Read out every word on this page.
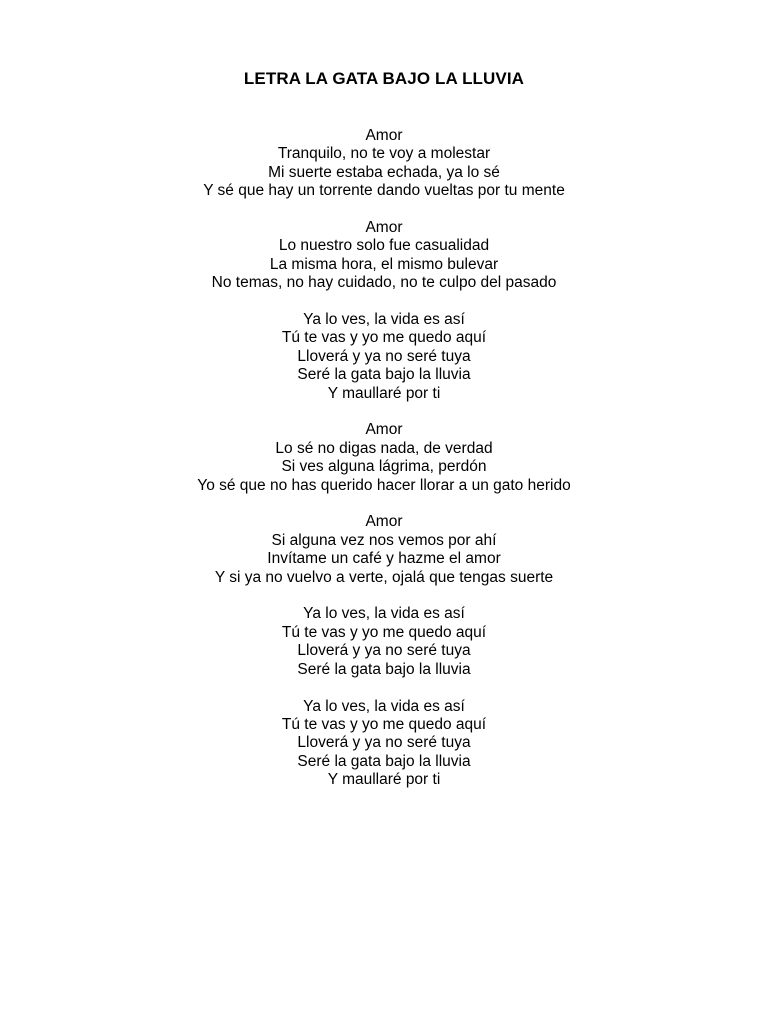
LETRA LA GATA BAJO LA LLUVIA
Amor
Tranquilo, no te voy a molestar
Mi suerte estaba echada, ya lo sé
Y sé que hay un torrente dando vueltas por tu mente
Amor
Lo nuestro solo fue casualidad
La misma hora, el mismo bulevar
No temas, no hay cuidado, no te culpo del pasado
Ya lo ves, la vida es así
Tú te vas y yo me quedo aquí
Lloverá y ya no seré tuya
Seré la gata bajo la lluvia
Y maullaré por ti
Amor
Lo sé no digas nada, de verdad
Si ves alguna lágrima, perdón
Yo sé que no has querido hacer llorar a un gato herido
Amor
Si alguna vez nos vemos por ahí
Invítame un café y hazme el amor
Y si ya no vuelvo a verte, ojalá que tengas suerte
Ya lo ves, la vida es así
Tú te vas y yo me quedo aquí
Lloverá y ya no seré tuya
Seré la gata bajo la lluvia
Ya lo ves, la vida es así
Tú te vas y yo me quedo aquí
Lloverá y ya no seré tuya
Seré la gata bajo la lluvia
Y maullaré por ti
